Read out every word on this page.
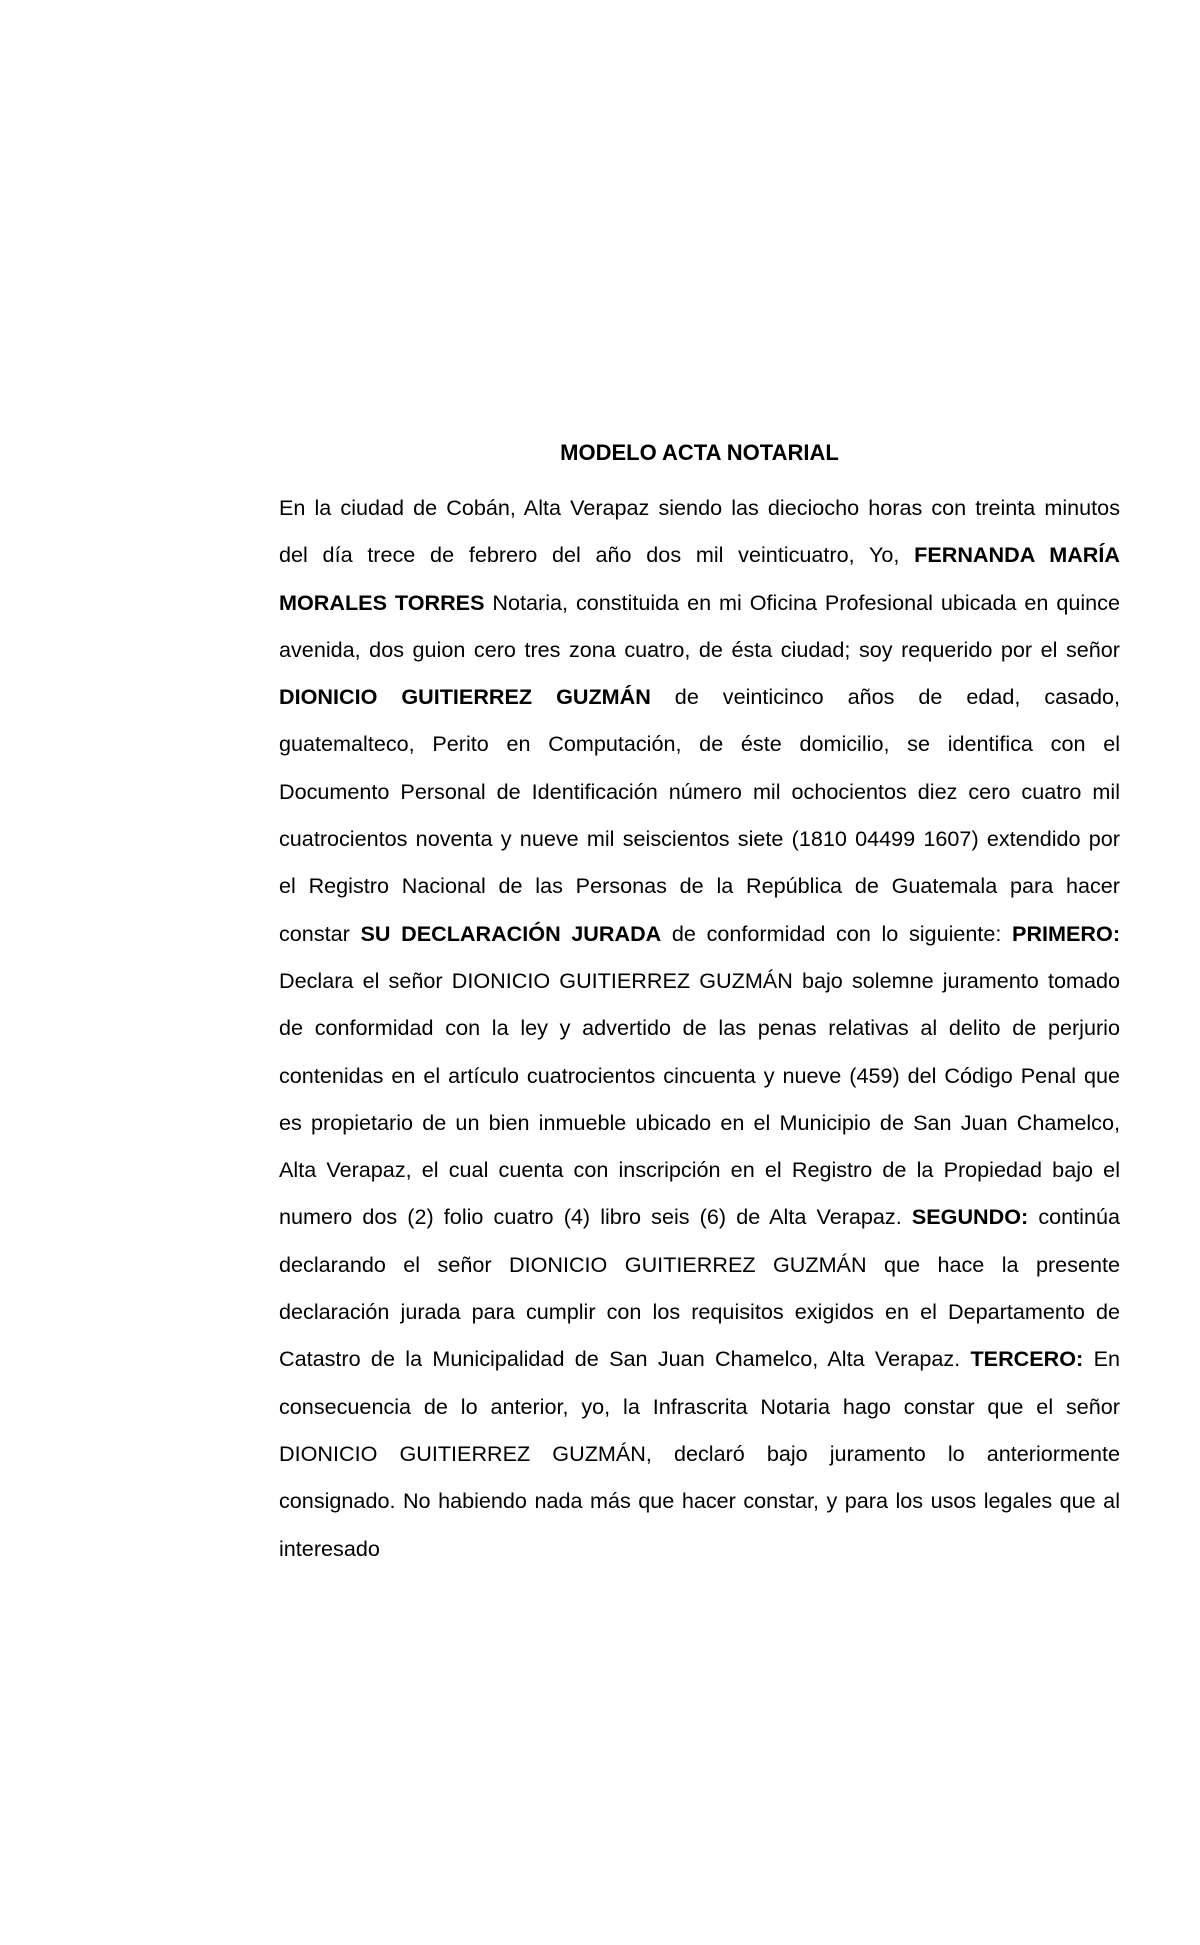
MODELO ACTA NOTARIAL

En la ciudad de Cobán, Alta Verapaz siendo las dieciocho horas con treinta minutos del día trece de febrero del año dos mil veinticuatro, Yo, FERNANDA MARÍA MORALES TORRES Notaria, constituida en mi Oficina Profesional ubicada en quince avenida, dos guion cero tres zona cuatro, de ésta ciudad; soy requerido por el señor DIONICIO GUITIERREZ GUZMÁN de veinticinco años de edad, casado, guatemalteco, Perito en Computación, de éste domicilio, se identifica con el Documento Personal de Identificación número mil ochocientos diez cero cuatro mil cuatrocientos noventa y nueve mil seiscientos siete (1810 04499 1607) extendido por el Registro Nacional de las Personas de la República de Guatemala para hacer constar SU DECLARACIÓN JURADA de conformidad con lo siguiente: PRIMERO: Declara el señor DIONICIO GUITIERREZ GUZMÁN bajo solemne juramento tomado de conformidad con la ley y advertido de las penas relativas al delito de perjurio contenidas en el artículo cuatrocientos cincuenta y nueve (459) del Código Penal que es propietario de un bien inmueble ubicado en el Municipio de San Juan Chamelco, Alta Verapaz, el cual cuenta con inscripción en el Registro de la Propiedad bajo el numero dos (2) folio cuatro (4) libro seis (6) de Alta Verapaz. SEGUNDO: continúa declarando el señor DIONICIO GUITIERREZ GUZMÁN que hace la presente declaración jurada para cumplir con los requisitos exigidos en el Departamento de Catastro de la Municipalidad de San Juan Chamelco, Alta Verapaz. TERCERO: En consecuencia de lo anterior, yo, la Infrascrita Notaria hago constar que el señor DIONICIO GUITIERREZ GUZMÁN, declaró bajo juramento lo anteriormente consignado. No habiendo nada más que hacer constar, y para los usos legales que al interesado
